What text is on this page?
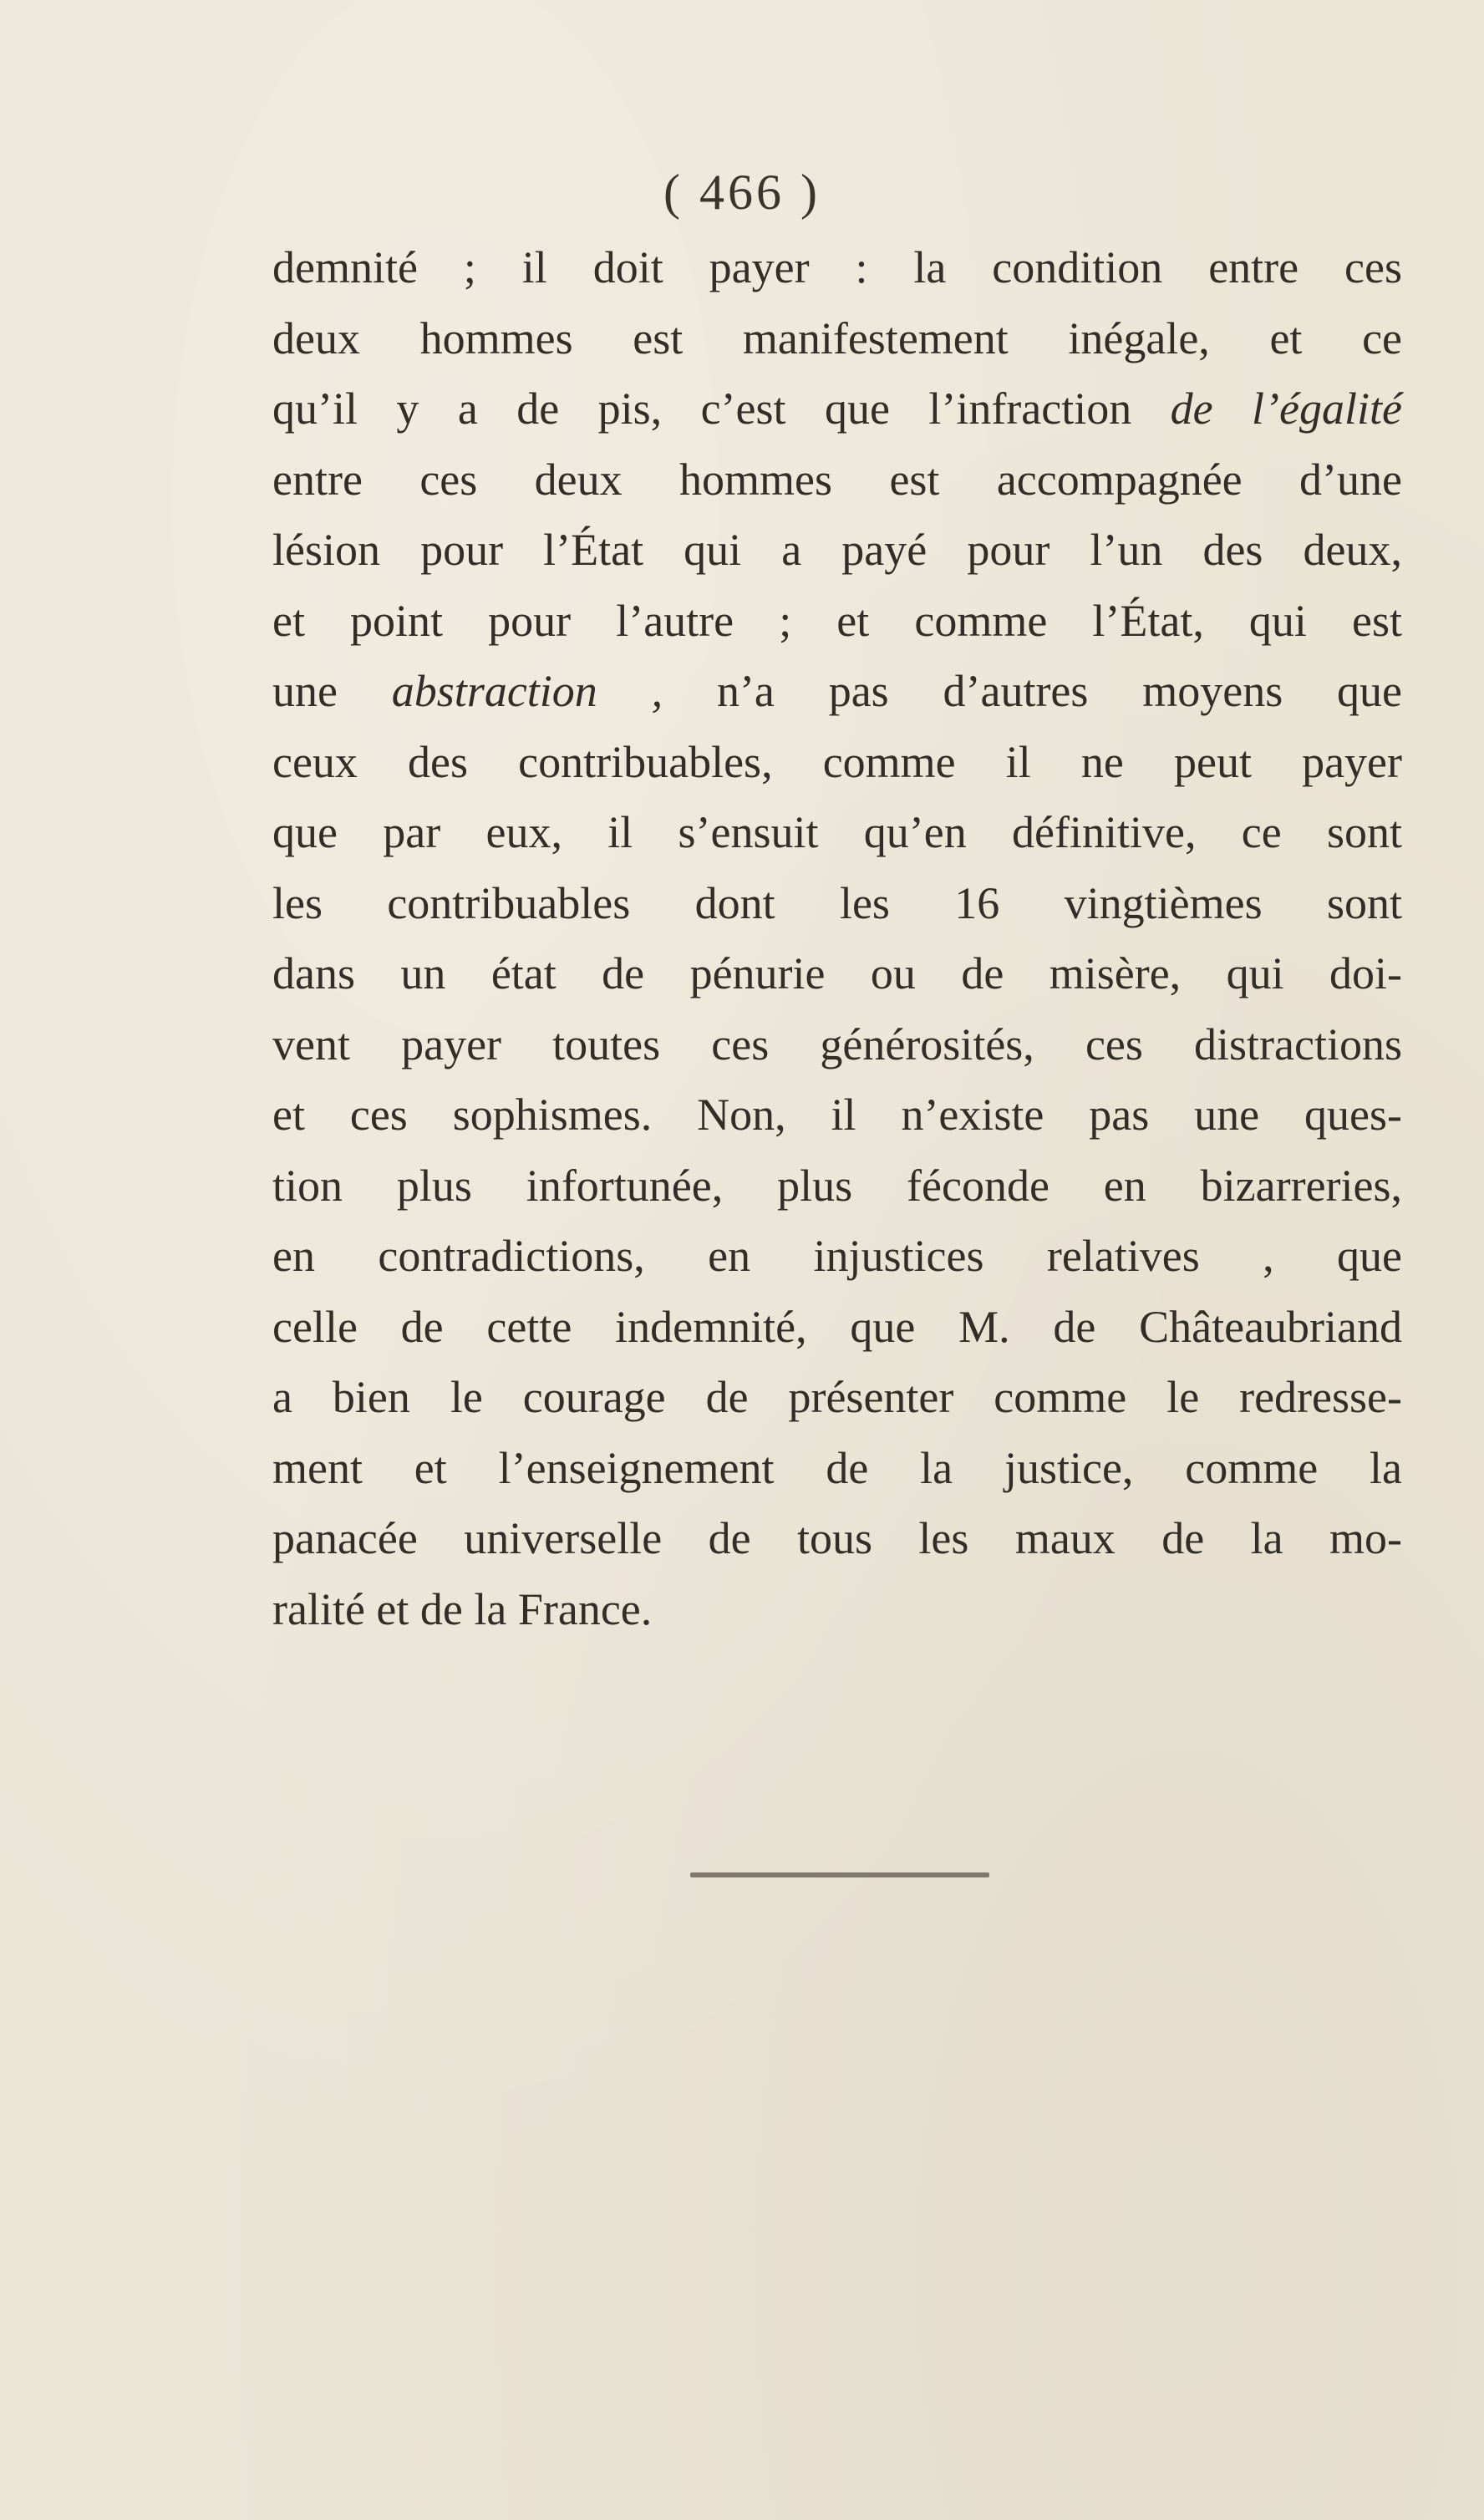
( 466 )
demnité ; il doit payer : la condition entre ces
deux hommes est manifestement inégale, et ce
qu’il y a de pis, c’est que l’infraction de l’égalité
entre ces deux hommes est accompagnée d’une
lésion pour l’État qui a payé pour l’un des deux,
et point pour l’autre ; et comme l’État, qui est
une abstraction , n’a pas d’autres moyens que
ceux des contribuables, comme il ne peut payer
que par eux, il s’ensuit qu’en définitive, ce sont
les contribuables dont les 16 vingtièmes sont
dans un état de pénurie ou de misère, qui doi-
vent payer toutes ces générosités, ces distractions
et ces sophismes. Non, il n’existe pas une ques-
tion plus infortunée, plus féconde en bizarreries,
en contradictions, en injustices relatives , que
celle de cette indemnité, que M. de Châteaubriand
a bien le courage de présenter comme le redresse-
ment et l’enseignement de la justice, comme la
panacée universelle de tous les maux de la mo-
ralité et de la France.
